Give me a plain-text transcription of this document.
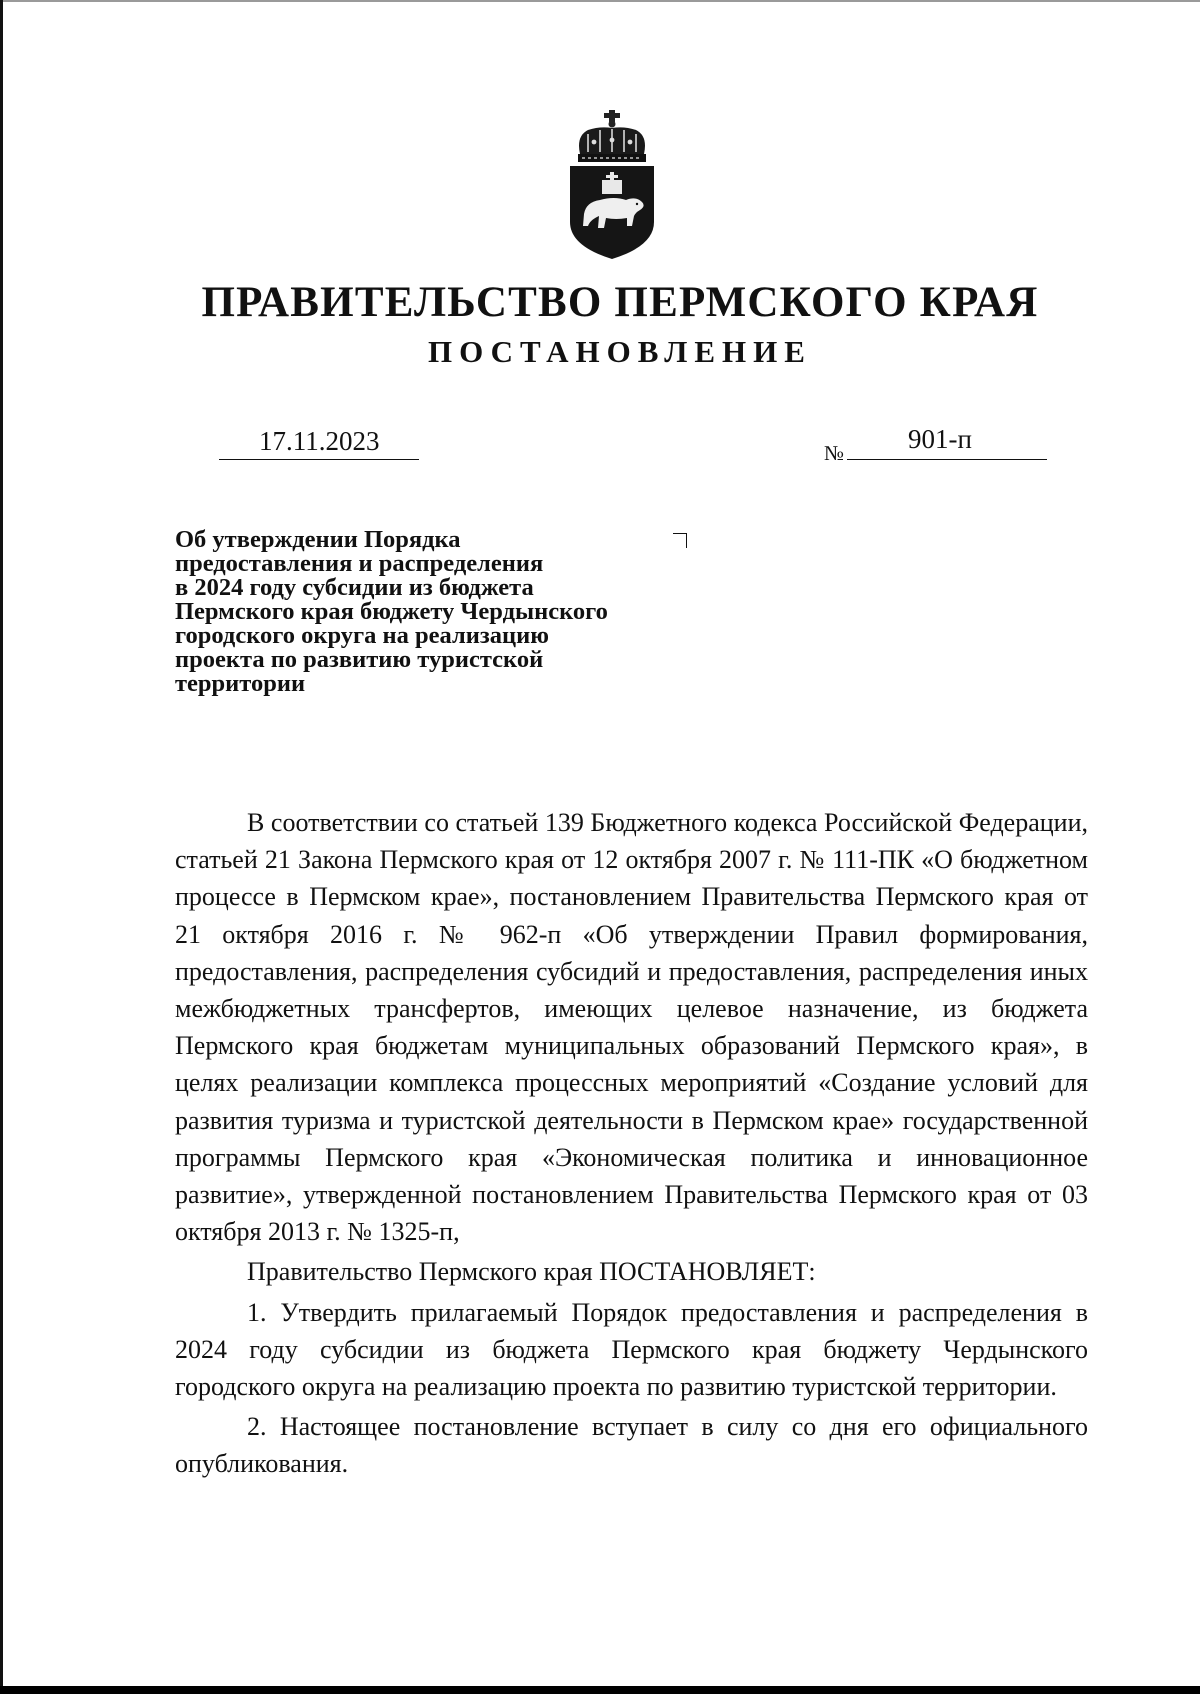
ПРАВИТЕЛЬСТВО ПЕРМСКОГО КРАЯ
ПОСТАНОВЛЕНИЕ
17.11.2023	№ 901-п
Об утверждении Порядка
предоставления и распределения
в 2024 году субсидии из бюджета
Пермского края бюджету Чердынского
городского округа на реализацию
проекта по развитию туристской
территории

В соответствии со статьей 139 Бюджетного кодекса Российской Федерации, статьей 21 Закона Пермского края от 12 октября 2007 г. № 111-ПК «О бюджетном процессе в Пермском крае», постановлением Правительства Пермского края от 21 октября 2016 г. № 962-п «Об утверждении Правил формирования, предоставления, распределения субсидий и предоставления, распределения иных межбюджетных трансфертов, имеющих целевое назначение, из бюджета Пермского края бюджетам муниципальных образований Пермского края», в целях реализации комплекса процессных мероприятий «Создание условий для развития туризма и туристской деятельности в Пермском крае» государственной программы Пермского края «Экономическая политика и инновационное развитие», утвержденной постановлением Правительства Пермского края от 03 октября 2013 г. № 1325-п,

Правительство Пермского края ПОСТАНОВЛЯЕТ:

1. Утвердить прилагаемый Порядок предоставления и распределения в 2024 году субсидии из бюджета Пермского края бюджету Чердынского городского округа на реализацию проекта по развитию туристской территории.

2. Настоящее постановление вступает в силу со дня его официального опубликования.
